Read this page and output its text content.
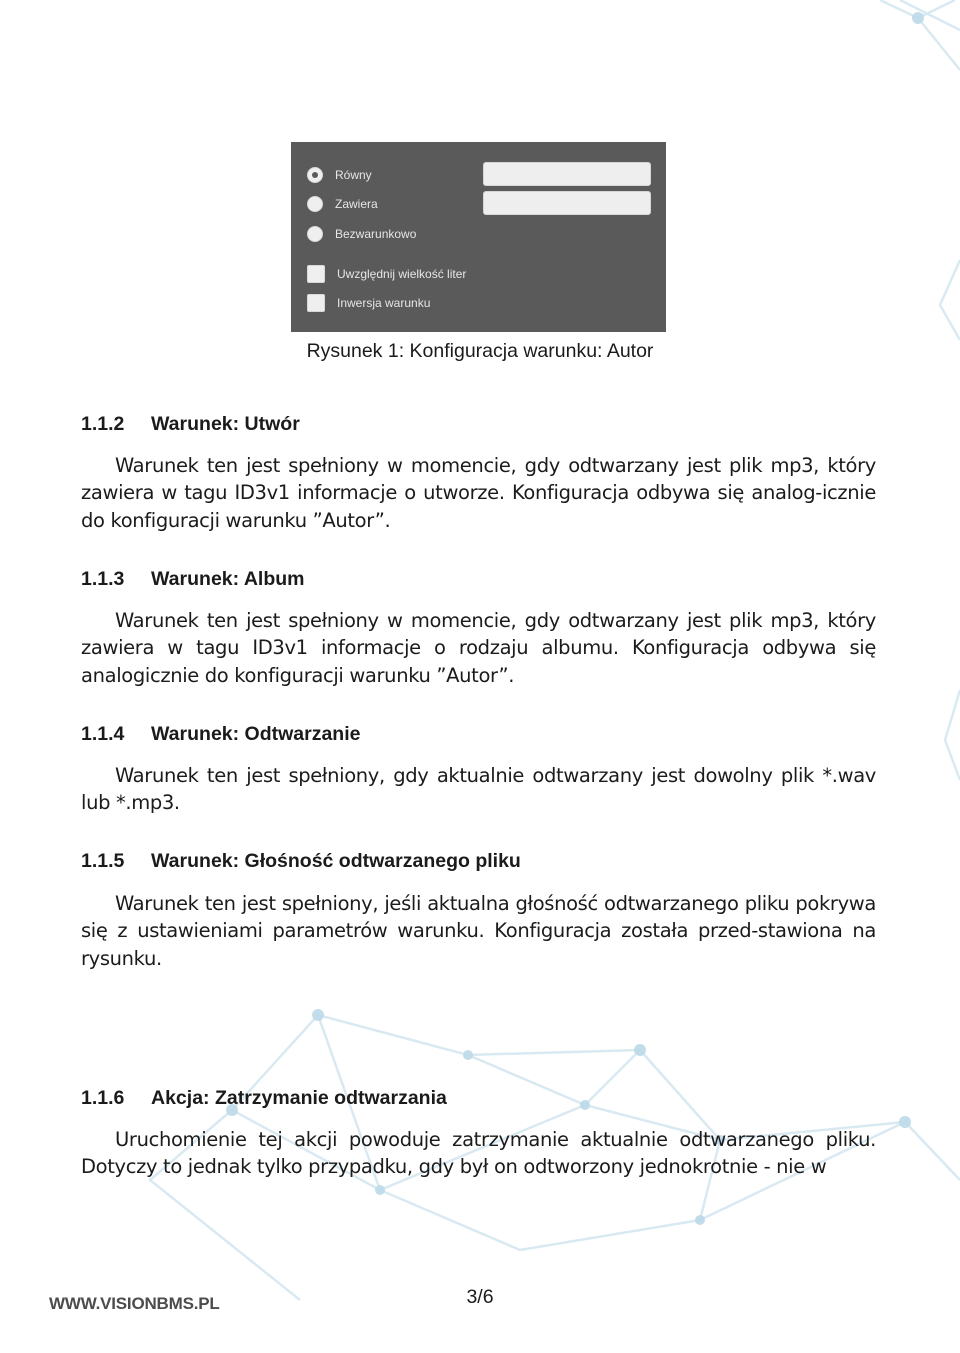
Równy
Zawiera
Bezwarunkowo
Uwzględnij wielkość liter
Inwersja warunku
Rysunek 1: Konfiguracja warunku: Autor
1.1.2 Warunek: Utwór
Warunek ten jest spełniony w momencie, gdy odtwarzany jest plik mp3, który zawiera w tagu ID3v1 informacje o utworze. Konfiguracja odbywa się analog-icznie do konfiguracji warunku ”Autor”.
1.1.3 Warunek: Album
Warunek ten jest spełniony w momencie, gdy odtwarzany jest plik mp3, który zawiera w tagu ID3v1 informacje o rodzaju albumu. Konfiguracja odbywa się analogicznie do konfiguracji warunku ”Autor”.
1.1.4 Warunek: Odtwarzanie
Warunek ten jest spełniony, gdy aktualnie odtwarzany jest dowolny plik *.wav lub *.mp3.
1.1.5 Warunek: Głośność odtwarzanego pliku
Warunek ten jest spełniony, jeśli aktualna głośność odtwarzanego pliku pokrywa się z ustawieniami parametrów warunku. Konfiguracja została przed-stawiona na rysunku.
1.1.6 Akcja: Zatrzymanie odtwarzania
Uruchomienie tej akcji powoduje zatrzymanie aktualnie odtwarzanego pliku. Dotyczy to jednak tylko przypadku, gdy był on odtworzony jednokrotnie - nie w
WWW.VISIONBMS.PL	3/6
